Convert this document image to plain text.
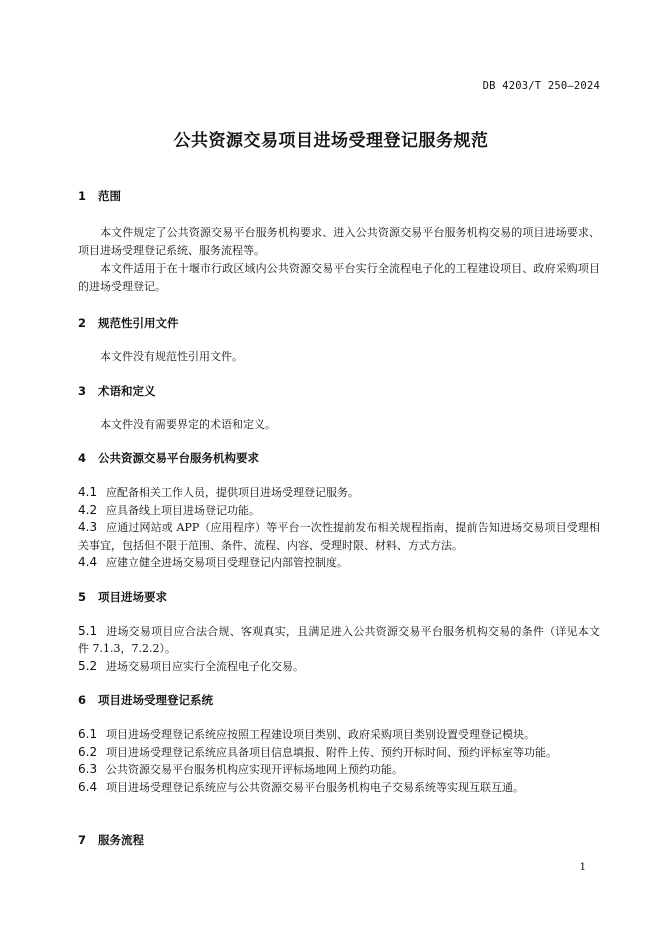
DB 4203/T 250—2024
公共资源交易项目进场受理登记服务规范
1	范围

本文件规定了公共资源交易平台服务机构要求、进入公共资源交易平台服务机构交易的项目进场要求、项目进场受理登记系统、服务流程等。

本文件适用于在十堰市行政区域内公共资源交易平台实行全流程电子化的工程建设项目、政府采购项目的进场受理登记。

2	规范性引用文件

本文件没有规范性引用文件。

3	术语和定义

本文件没有需要界定的术语和定义。

4	公共资源交易平台服务机构要求
4.1 应配备相关工作人员，提供项目进场受理登记服务。
4.2 应具备线上项目进场登记功能。
4.3 应通过网站或 APP（应用程序）等平台一次性提前发布相关规程指南，提前告知进场交易项目受理相关事宜，包括但不限于范围、条件、流程、内容、受理时限、材料、方式方法。
4.4 应建立健全进场交易项目受理登记内部管控制度。
5	项目进场要求
5.1 进场交易项目应合法合规、客观真实，且满足进入公共资源交易平台服务机构交易的条件（详见本文件 7.1.3，7.2.2）。
5.2 进场交易项目应实行全流程电子化交易。
6	项目进场受理登记系统
6.1 项目进场受理登记系统应按照工程建设项目类别、政府采购项目类别设置受理登记模块。
6.2 项目进场受理登记系统应具备项目信息填报、附件上传、预约开标时间、预约评标室等功能。
6.3 公共资源交易平台服务机构应实现开评标场地网上预约功能。
6.4 项目进场受理登记系统应与公共资源交易平台服务机构电子交易系统等实现互联互通。
7	服务流程
1
